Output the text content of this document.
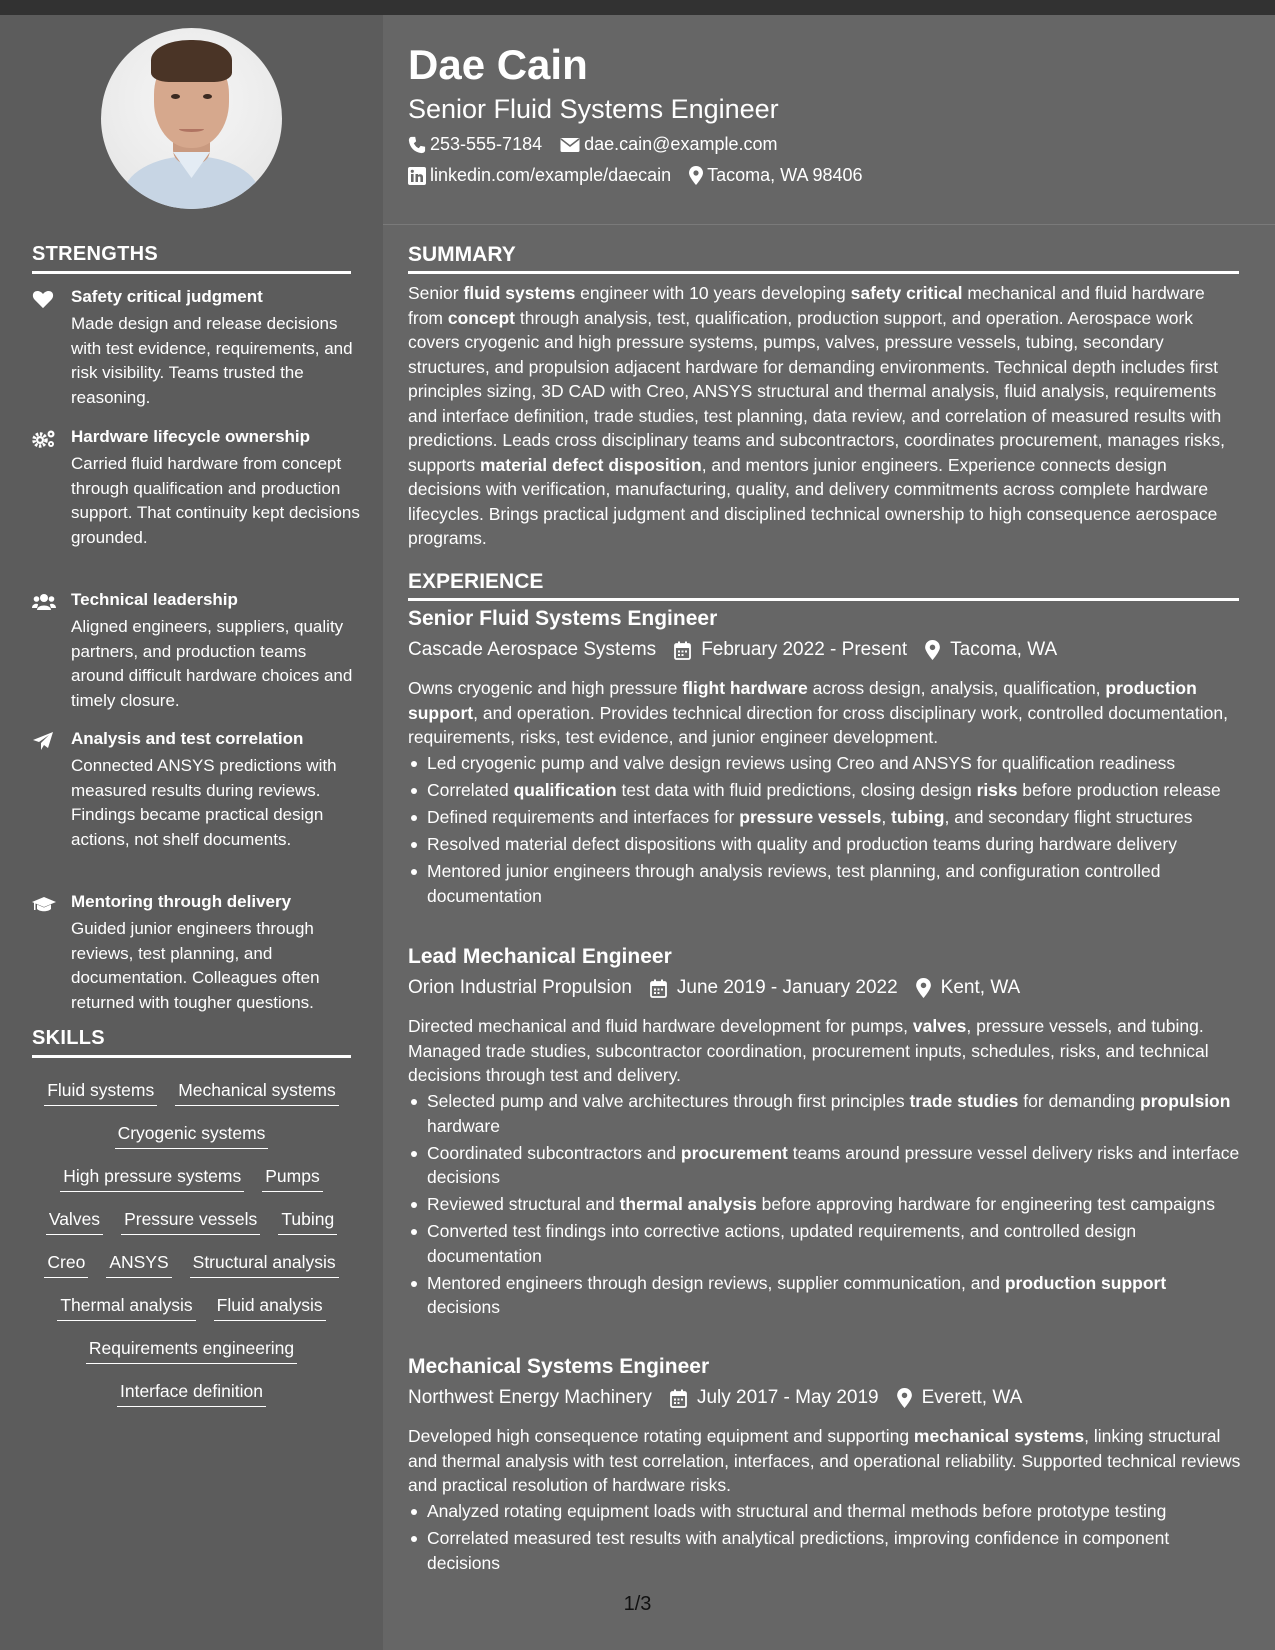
STRENGTHS
Safety critical judgment
Made design and release decisions with test evidence, requirements, and risk visibility. Teams trusted the reasoning.
Hardware lifecycle ownership
Carried fluid hardware from concept through qualification and production support. That continuity kept decisions grounded.
Technical leadership
Aligned engineers, suppliers, quality partners, and production teams around difficult hardware choices and timely closure.
Analysis and test correlation
Connected ANSYS predictions with measured results during reviews. Findings became practical design actions, not shelf documents.
Mentoring through delivery
Guided junior engineers through reviews, test planning, and documentation. Colleagues often returned with tougher questions.
SKILLS
Fluid systems Mechanical systems
Cryogenic systems
High pressure systems Pumps
Valves Pressure vessels Tubing
Creo ANSYS Structural analysis
Thermal analysis Fluid analysis
Requirements engineering
Interface definition
Dae Cain
Senior Fluid Systems Engineer
253-555-7184 dae.cain@example.com
linkedin.com/example/daecain Tacoma, WA 98406
SUMMARY
Senior fluid systems engineer with 10 years developing safety critical mechanical and fluid hardware from concept through analysis, test, qualification, production support, and operation. Aerospace work covers cryogenic and high pressure systems, pumps, valves, pressure vessels, tubing, secondary structures, and propulsion adjacent hardware for demanding environments. Technical depth includes first principles sizing, 3D CAD with Creo, ANSYS structural and thermal analysis, fluid analysis, requirements and interface definition, trade studies, test planning, data review, and correlation of measured results with predictions. Leads cross disciplinary teams and subcontractors, coordinates procurement, manages risks, supports material defect disposition, and mentors junior engineers. Experience connects design decisions with verification, manufacturing, quality, and delivery commitments across complete hardware lifecycles. Brings practical judgment and disciplined technical ownership to high consequence aerospace programs.
EXPERIENCE
Senior Fluid Systems Engineer
Cascade Aerospace Systems February 2022 - Present Tacoma, WA
Owns cryogenic and high pressure flight hardware across design, analysis, qualification, production support, and operation. Provides technical direction for cross disciplinary work, controlled documentation, requirements, risks, test evidence, and junior engineer development.
Led cryogenic pump and valve design reviews using Creo and ANSYS for qualification readiness
Correlated qualification test data with fluid predictions, closing design risks before production release
Defined requirements and interfaces for pressure vessels, tubing, and secondary flight structures
Resolved material defect dispositions with quality and production teams during hardware delivery
Mentored junior engineers through analysis reviews, test planning, and configuration controlled documentation
Lead Mechanical Engineer
Orion Industrial Propulsion June 2019 - January 2022 Kent, WA
Directed mechanical and fluid hardware development for pumps, valves, pressure vessels, and tubing. Managed trade studies, subcontractor coordination, procurement inputs, schedules, risks, and technical decisions through test and delivery.
Selected pump and valve architectures through first principles trade studies for demanding propulsion hardware
Coordinated subcontractors and procurement teams around pressure vessel delivery risks and interface decisions
Reviewed structural and thermal analysis before approving hardware for engineering test campaigns
Converted test findings into corrective actions, updated requirements, and controlled design documentation
Mentored engineers through design reviews, supplier communication, and production support decisions
Mechanical Systems Engineer
Northwest Energy Machinery July 2017 - May 2019 Everett, WA
Developed high consequence rotating equipment and supporting mechanical systems, linking structural and thermal analysis with test correlation, interfaces, and operational reliability. Supported technical reviews and practical resolution of hardware risks.
Analyzed rotating equipment loads with structural and thermal methods before prototype testing
Correlated measured test results with analytical predictions, improving confidence in component decisions
1/3
